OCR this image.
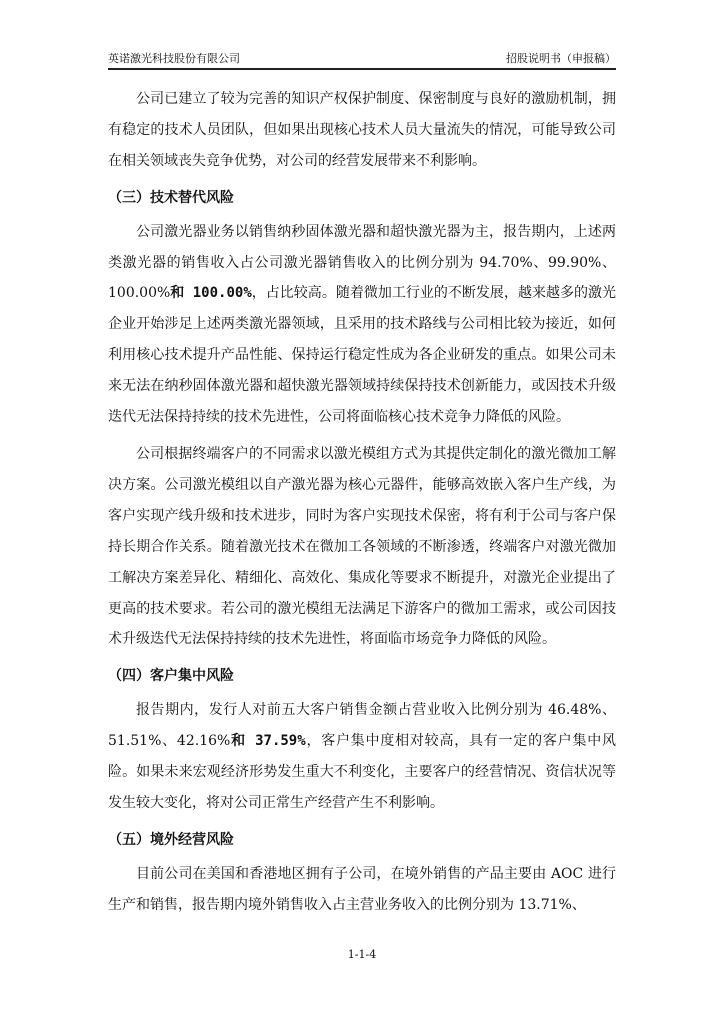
英诺激光科技股份有限公司	招股说明书（申报稿）

公司已建立了较为完善的知识产权保护制度、保密制度与良好的激励机制，拥有稳定的技术人员团队，但如果出现核心技术人员大量流失的情况，可能导致公司在相关领域丧失竞争优势，对公司的经营发展带来不利影响。

（三）技术替代风险

公司激光器业务以销售纳秒固体激光器和超快激光器为主，报告期内，上述两类激光器的销售收入占公司激光器销售收入的比例分别为 94.70%、99.90%、100.00%和 100.00%，占比较高。随着微加工行业的不断发展，越来越多的激光企业开始涉足上述两类激光器领域，且采用的技术路线与公司相比较为接近，如何利用核心技术提升产品性能、保持运行稳定性成为各企业研发的重点。如果公司未来无法在纳秒固体激光器和超快激光器领域持续保持技术创新能力，或因技术升级迭代无法保持持续的技术先进性，公司将面临核心技术竞争力降低的风险。

公司根据终端客户的不同需求以激光模组方式为其提供定制化的激光微加工解决方案。公司激光模组以自产激光器为核心元器件，能够高效嵌入客户生产线，为客户实现产线升级和技术进步，同时为客户实现技术保密，将有利于公司与客户保持长期合作关系。随着激光技术在微加工各领域的不断渗透，终端客户对激光微加工解决方案差异化、精细化、高效化、集成化等要求不断提升，对激光企业提出了更高的技术要求。若公司的激光模组无法满足下游客户的微加工需求，或公司因技术升级迭代无法保持持续的技术先进性，将面临市场竞争力降低的风险。

（四）客户集中风险

报告期内，发行人对前五大客户销售金额占营业收入比例分别为 46.48%、51.51%、42.16%和 37.59%，客户集中度相对较高，具有一定的客户集中风险。如果未来宏观经济形势发生重大不利变化，主要客户的经营情况、资信状况等发生较大变化，将对公司正常生产经营产生不利影响。

（五）境外经营风险

目前公司在美国和香港地区拥有子公司，在境外销售的产品主要由 AOC 进行生产和销售，报告期内境外销售收入占主营业务收入的比例分别为 13.71%、

1-1-4
